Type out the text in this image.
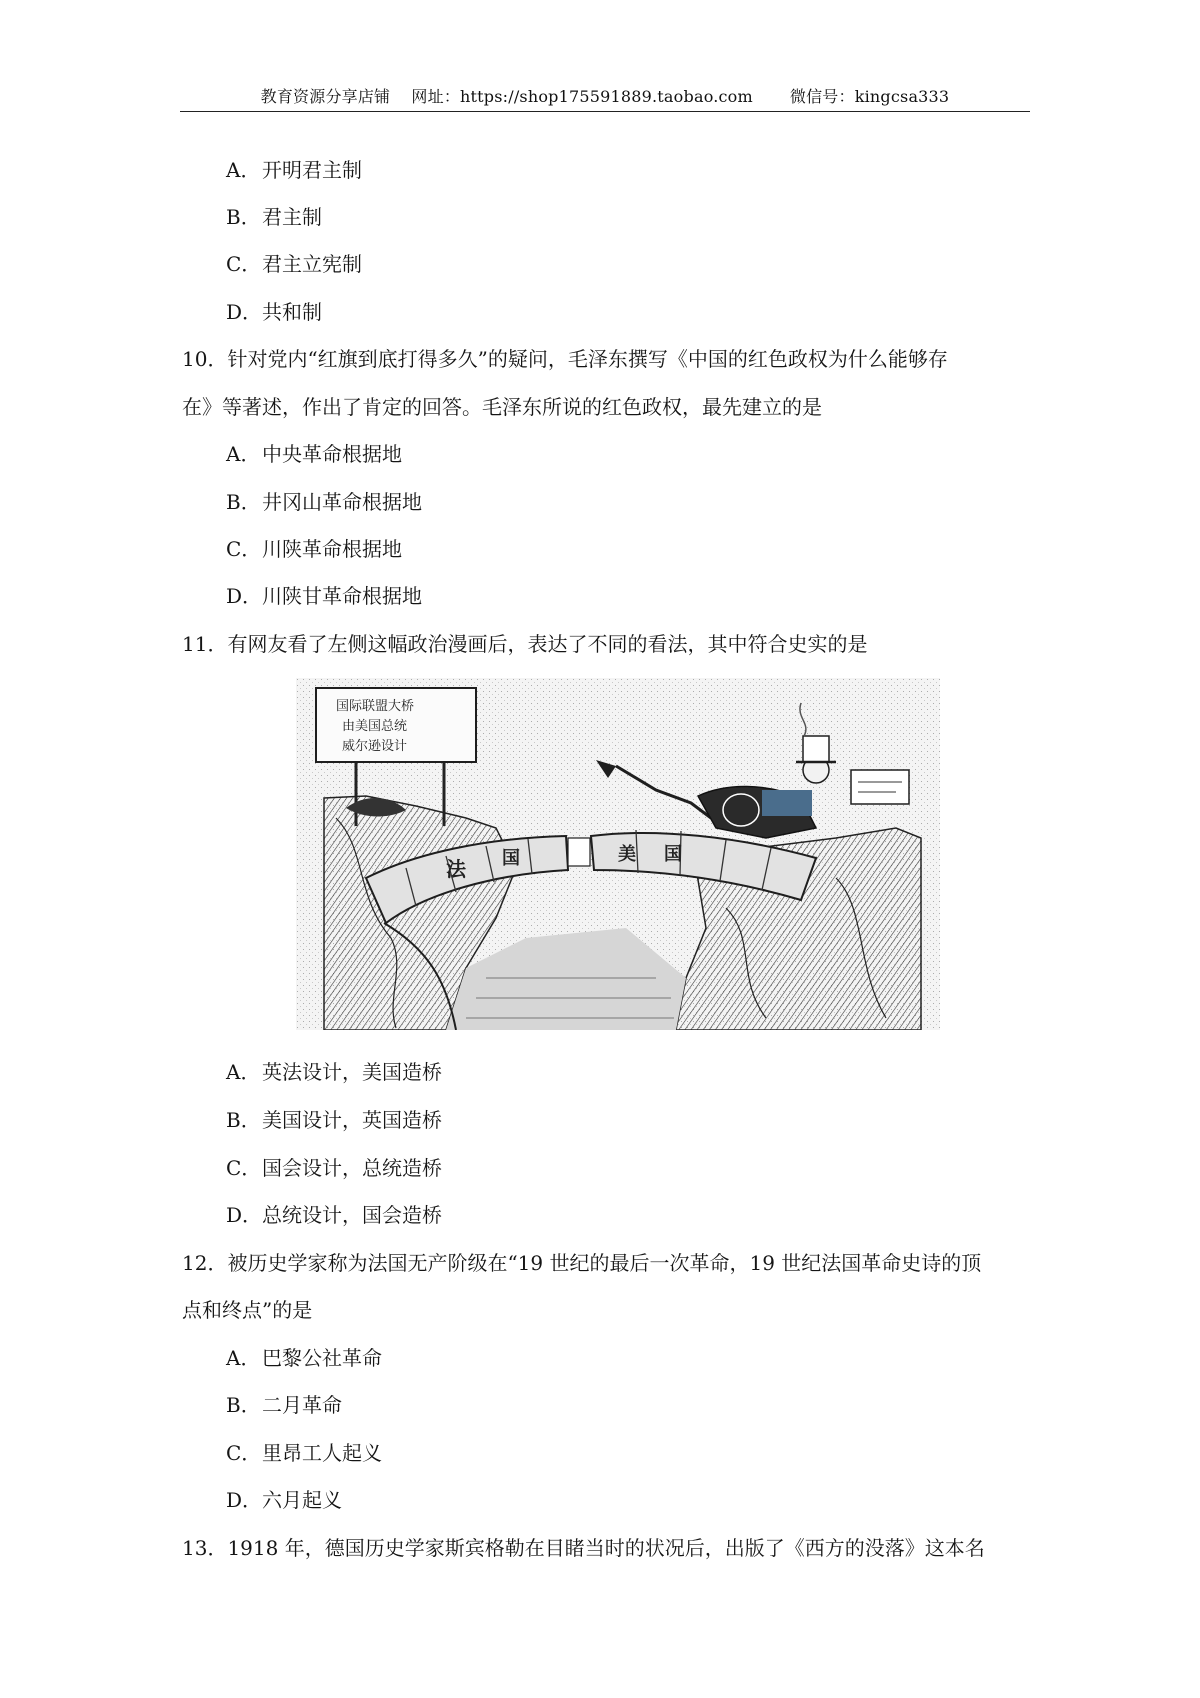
教育资源分享店铺 网址：https://shop175591889.taobao.com 微信号：kingcsa333
A．开明君主制
B．君主制
C．君主立宪制
D．共和制
10．针对党内“红旗到底打得多久”的疑问，毛泽东撰写《中国的红色政权为什么能够存
在》等著述，作出了肯定的回答。毛泽东所说的红色政权，最先建立的是
A．中央革命根据地
B．井冈山革命根据地
C．川陕革命根据地
D．川陕甘革命根据地
11．有网友看了左侧这幅政治漫画后，表达了不同的看法，其中符合史实的是
法 国	美 国
国际联盟大桥
由美国总统
威尔逊设计
A．英法设计，美国造桥
B．美国设计，英国造桥
C．国会设计，总统造桥
D．总统设计，国会造桥
12．被历史学家称为法国无产阶级在“19 世纪的最后一次革命，19 世纪法国革命史诗的顶
点和终点”的是
A．巴黎公社革命
B．二月革命
C．里昂工人起义
D．六月起义
13．1918 年，德国历史学家斯宾格勒在目睹当时的状况后，出版了《西方的没落》这本名
